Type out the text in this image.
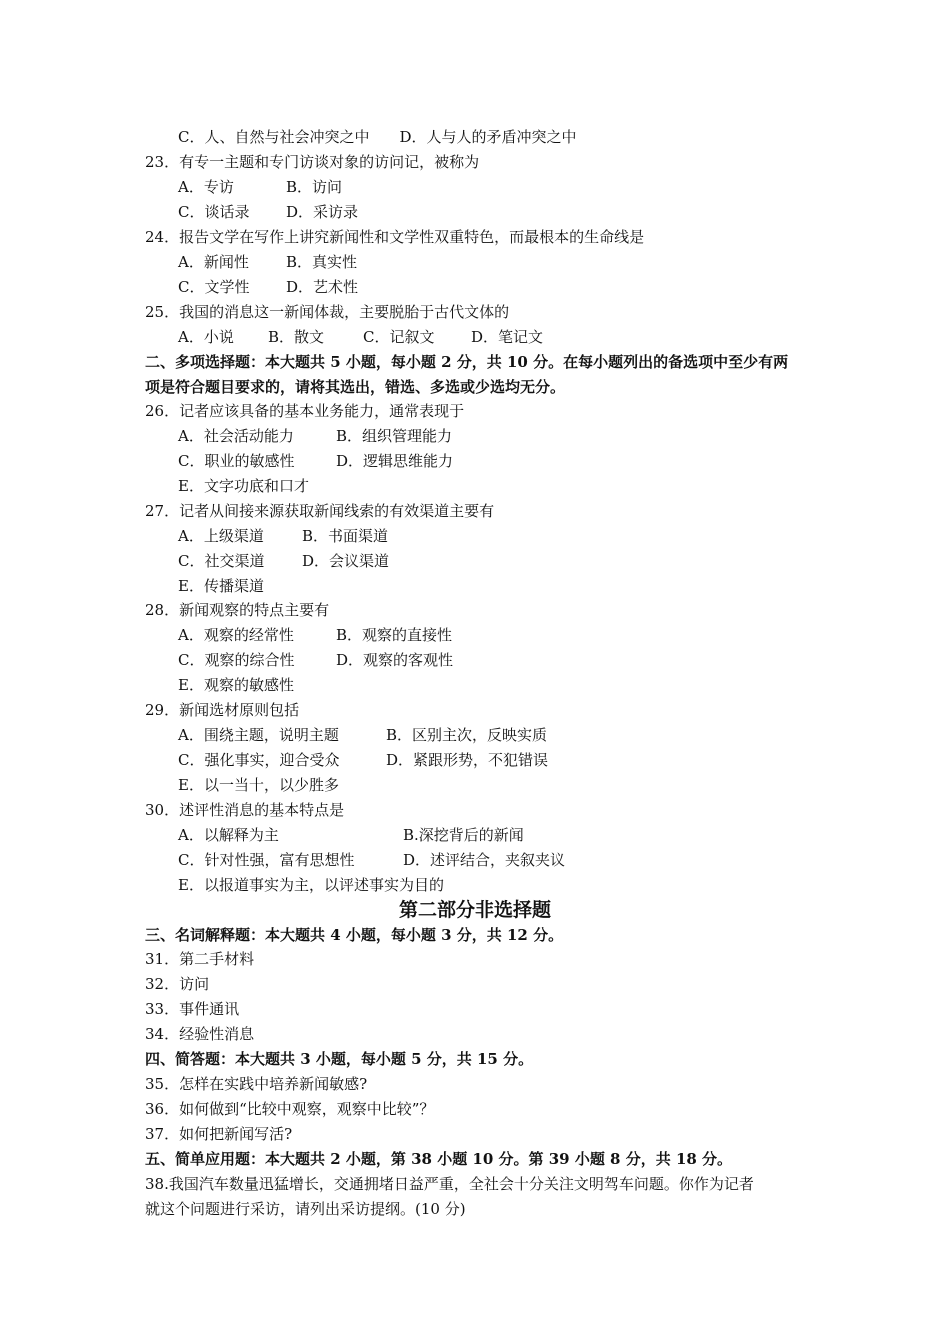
C．人、自然与社会冲突之中 D．人与人的矛盾冲突之中
23．有专一主题和专门访谈对象的访问记，被称为
A．专访	B．访问
C．谈话录 D．采访录
24．报告文学在写作上讲究新闻性和文学性双重特色，而最根本的生命线是
A．新闻性 B．真实性
C．文学性 D．艺术性
25．我国的消息这一新闻体裁，主要脱胎于古代文体的
A．小说 B．散文	C．记叙文 D．笔记文
二、多项选择题：本大题共 5 小题，每小题 2 分，共 10 分。在每小题列出的备选项中至少有两
项是符合题目要求的，请将其选出，错选、多选或少选均无分。
26．记者应该具备的基本业务能力，通常表现于
A．社会活动能力	B．组织管理能力
C．职业的敏感性	D．逻辑思维能力
E．文字功底和口才
27．记者从间接来源获取新闻线索的有效渠道主要有
A．上级渠道	B．书面渠道
C．社交渠道	D．会议渠道
E．传播渠道
28．新闻观察的特点主要有
A．观察的经常性	B．观察的直接性
C．观察的综合性	D．观察的客观性
E．观察的敏感性
29．新闻选材原则包括
A．围绕主题，说明主题	B．区别主次，反映实质
C．强化事实，迎合受众	D．紧跟形势，不犯错误
E．以一当十，以少胜多
30．述评性消息的基本特点是
A．以解释为主	B.深挖背后的新闻
C．针对性强，富有思想性	D．述评结合，夹叙夹议
E．以报道事实为主，以评述事实为目的
第二部分非选择题
三、名词解释题：本大题共 4 小题，每小题 3 分，共 12 分。
31．第二手材料
32．访问
33．事件通讯
34．经验性消息
四、简答题：本大题共 3 小题，每小题 5 分，共 15 分。
35．怎样在实践中培养新闻敏感?
36．如何做到“比较中观察，观察中比较”？
37．如何把新闻写活?
五、简单应用题：本大题共 2 小题，第 38 小题 10 分。第 39 小题 8 分，共 18 分。
38.我国汽车数量迅猛增长，交通拥堵日益严重，全社会十分关注文明驾车问题。你作为记者
就这个问题进行采访，请列出采访提纲。(10 分)
